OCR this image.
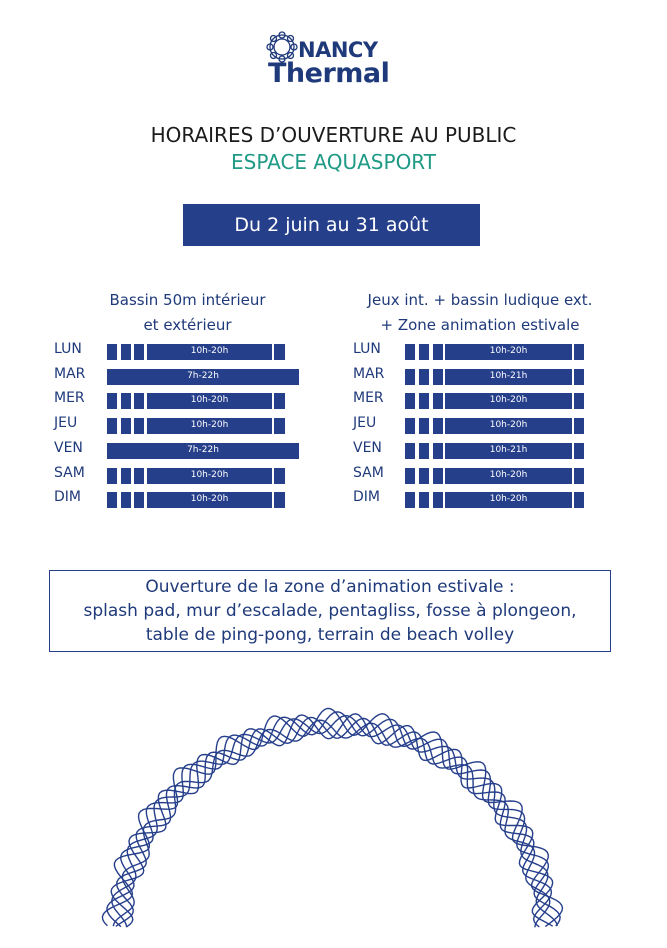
NANCY
Thermal
HORAIRES D’OUVERTURE AU PUBLIC
ESPACE AQUASPORT
Du 2 juin au 31 août
Bassin 50m intérieur
et extérieur
LUN	10h-20h
MAR	7h-22h
MER	10h-20h
JEU	10h-20h
VEN	7h-22h
SAM	10h-20h
DIM	10h-20h
Jeux int. + bassin ludique ext.
+ Zone animation estivale
LUN	10h-20h
MAR	10h-21h
MER	10h-20h
JEU	10h-20h
VEN	10h-21h
SAM	10h-20h
DIM	10h-20h
Ouverture de la zone d’animation estivale :
splash pad, mur d’escalade, pentagliss, fosse à plongeon,
table de ping-pong, terrain de beach volley
